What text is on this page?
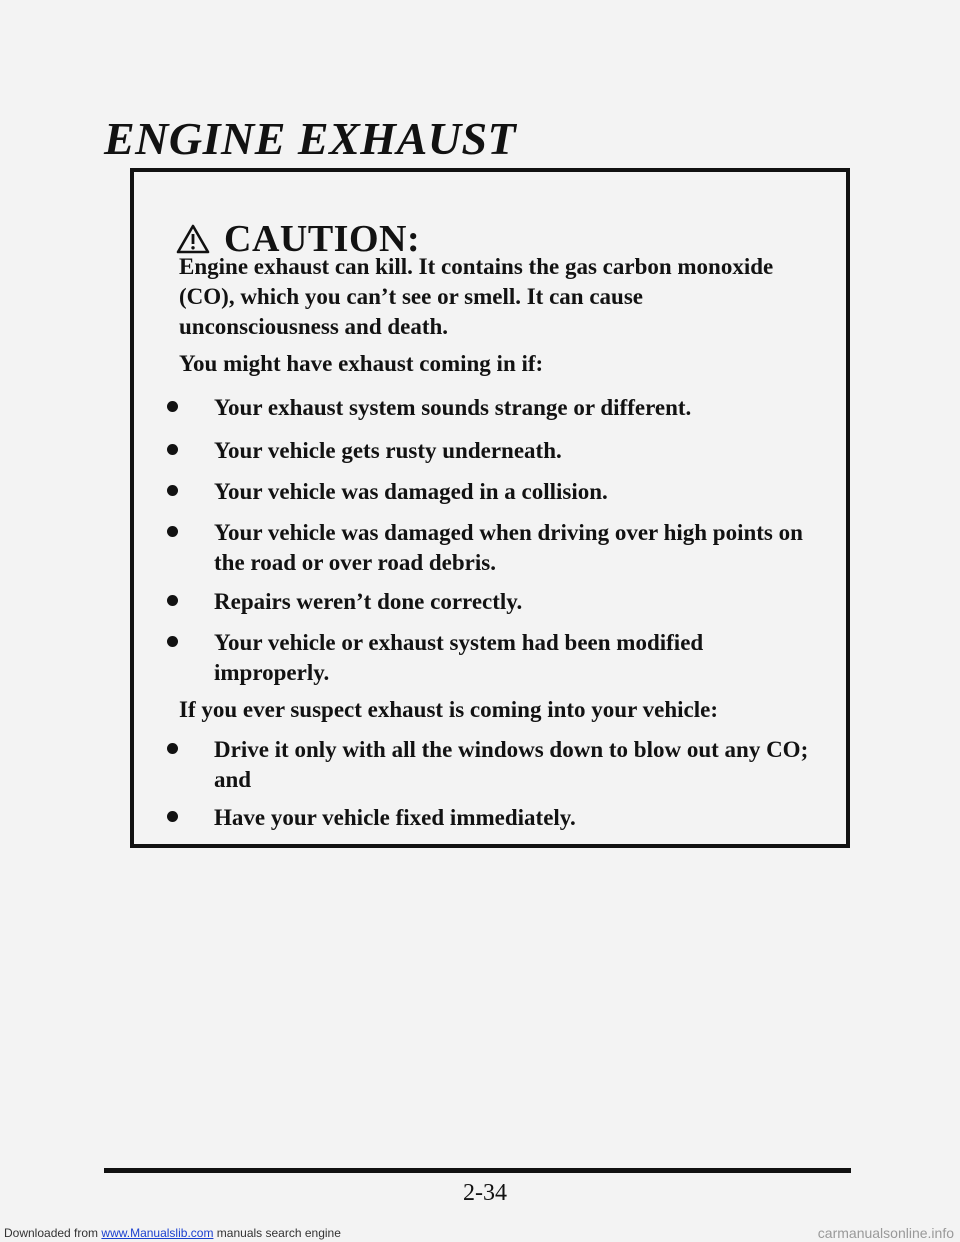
ENGINE EXHAUST
CAUTION:
Engine exhaust can kill. It contains the gas carbon monoxide
(CO), which you can’t see or smell. It can cause
unconsciousness and death.
You might have exhaust coming in if:
Your exhaust system sounds strange or different.
Your vehicle gets rusty underneath.
Your vehicle was damaged in a collision.
Your vehicle was damaged when driving over high points on
the road or over road debris.
Repairs weren’t done correctly.
Your vehicle or exhaust system had been modified
improperly.
If you ever suspect exhaust is coming into your vehicle:
Drive it only with all the windows down to blow out any CO;
and
Have your vehicle fixed immediately.
2-34
Downloaded from www.Manualslib.com manuals search engine	carmanualsonline.info
